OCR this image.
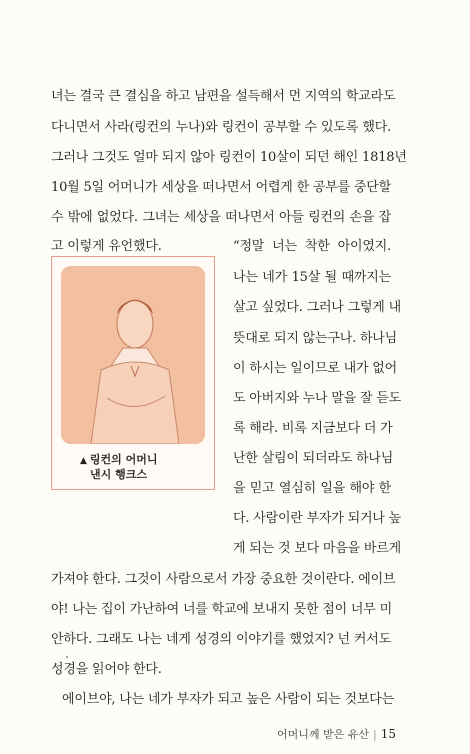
녀는 결국 큰 결심을 하고 남편을 설득해서 먼 지역의 학교라도
다니면서 사라(링컨의 누나)와 링컨이 공부할 수 있도록 했다.
그러나 그것도 얼마 되지 않아 링컨이 10살이 되던 해인 1818년
10월 5일 어머니가 세상을 떠나면서 어렵게 한 공부를 중단할
수 밖에 없었다. 그녀는 세상을 떠나면서 아들 링컨의 손을 잡
고 이렇게 유언했다.	“정말 너는 착한 아이였지.
나는 네가 15살 될 때까지는
살고 싶었다. 그러나 그렇게 내
뜻대로 되지 않는구나. 하나님
이 하시는 일이므로 내가 없어
도 아버지와 누나 말을 잘 듣도
록 해라. 비록 지금보다 더 가
난한 살림이 되더라도 하나님
을 믿고 열심히 일을 해야 한
다. 사람이란 부자가 되거나 높
게 되는 것 보다 마음을 바르게
▲ 링컨의 어머니
낸시 행크스
가져야 한다. 그것이 사람으로서 가장 중요한 것이란다. 에이브
야! 나는 집이 가난하여 너를 학교에 보내지 못한 점이 너무 미
안하다. 그래도 나는 네게 성경의 이야기를 했었지? 넌 커서도
성경을 읽어야 한다.
에이브야, 나는 네가 부자가 되고 높은 사람이 되는 것보다는
어머니께 받은 유산 | 15
